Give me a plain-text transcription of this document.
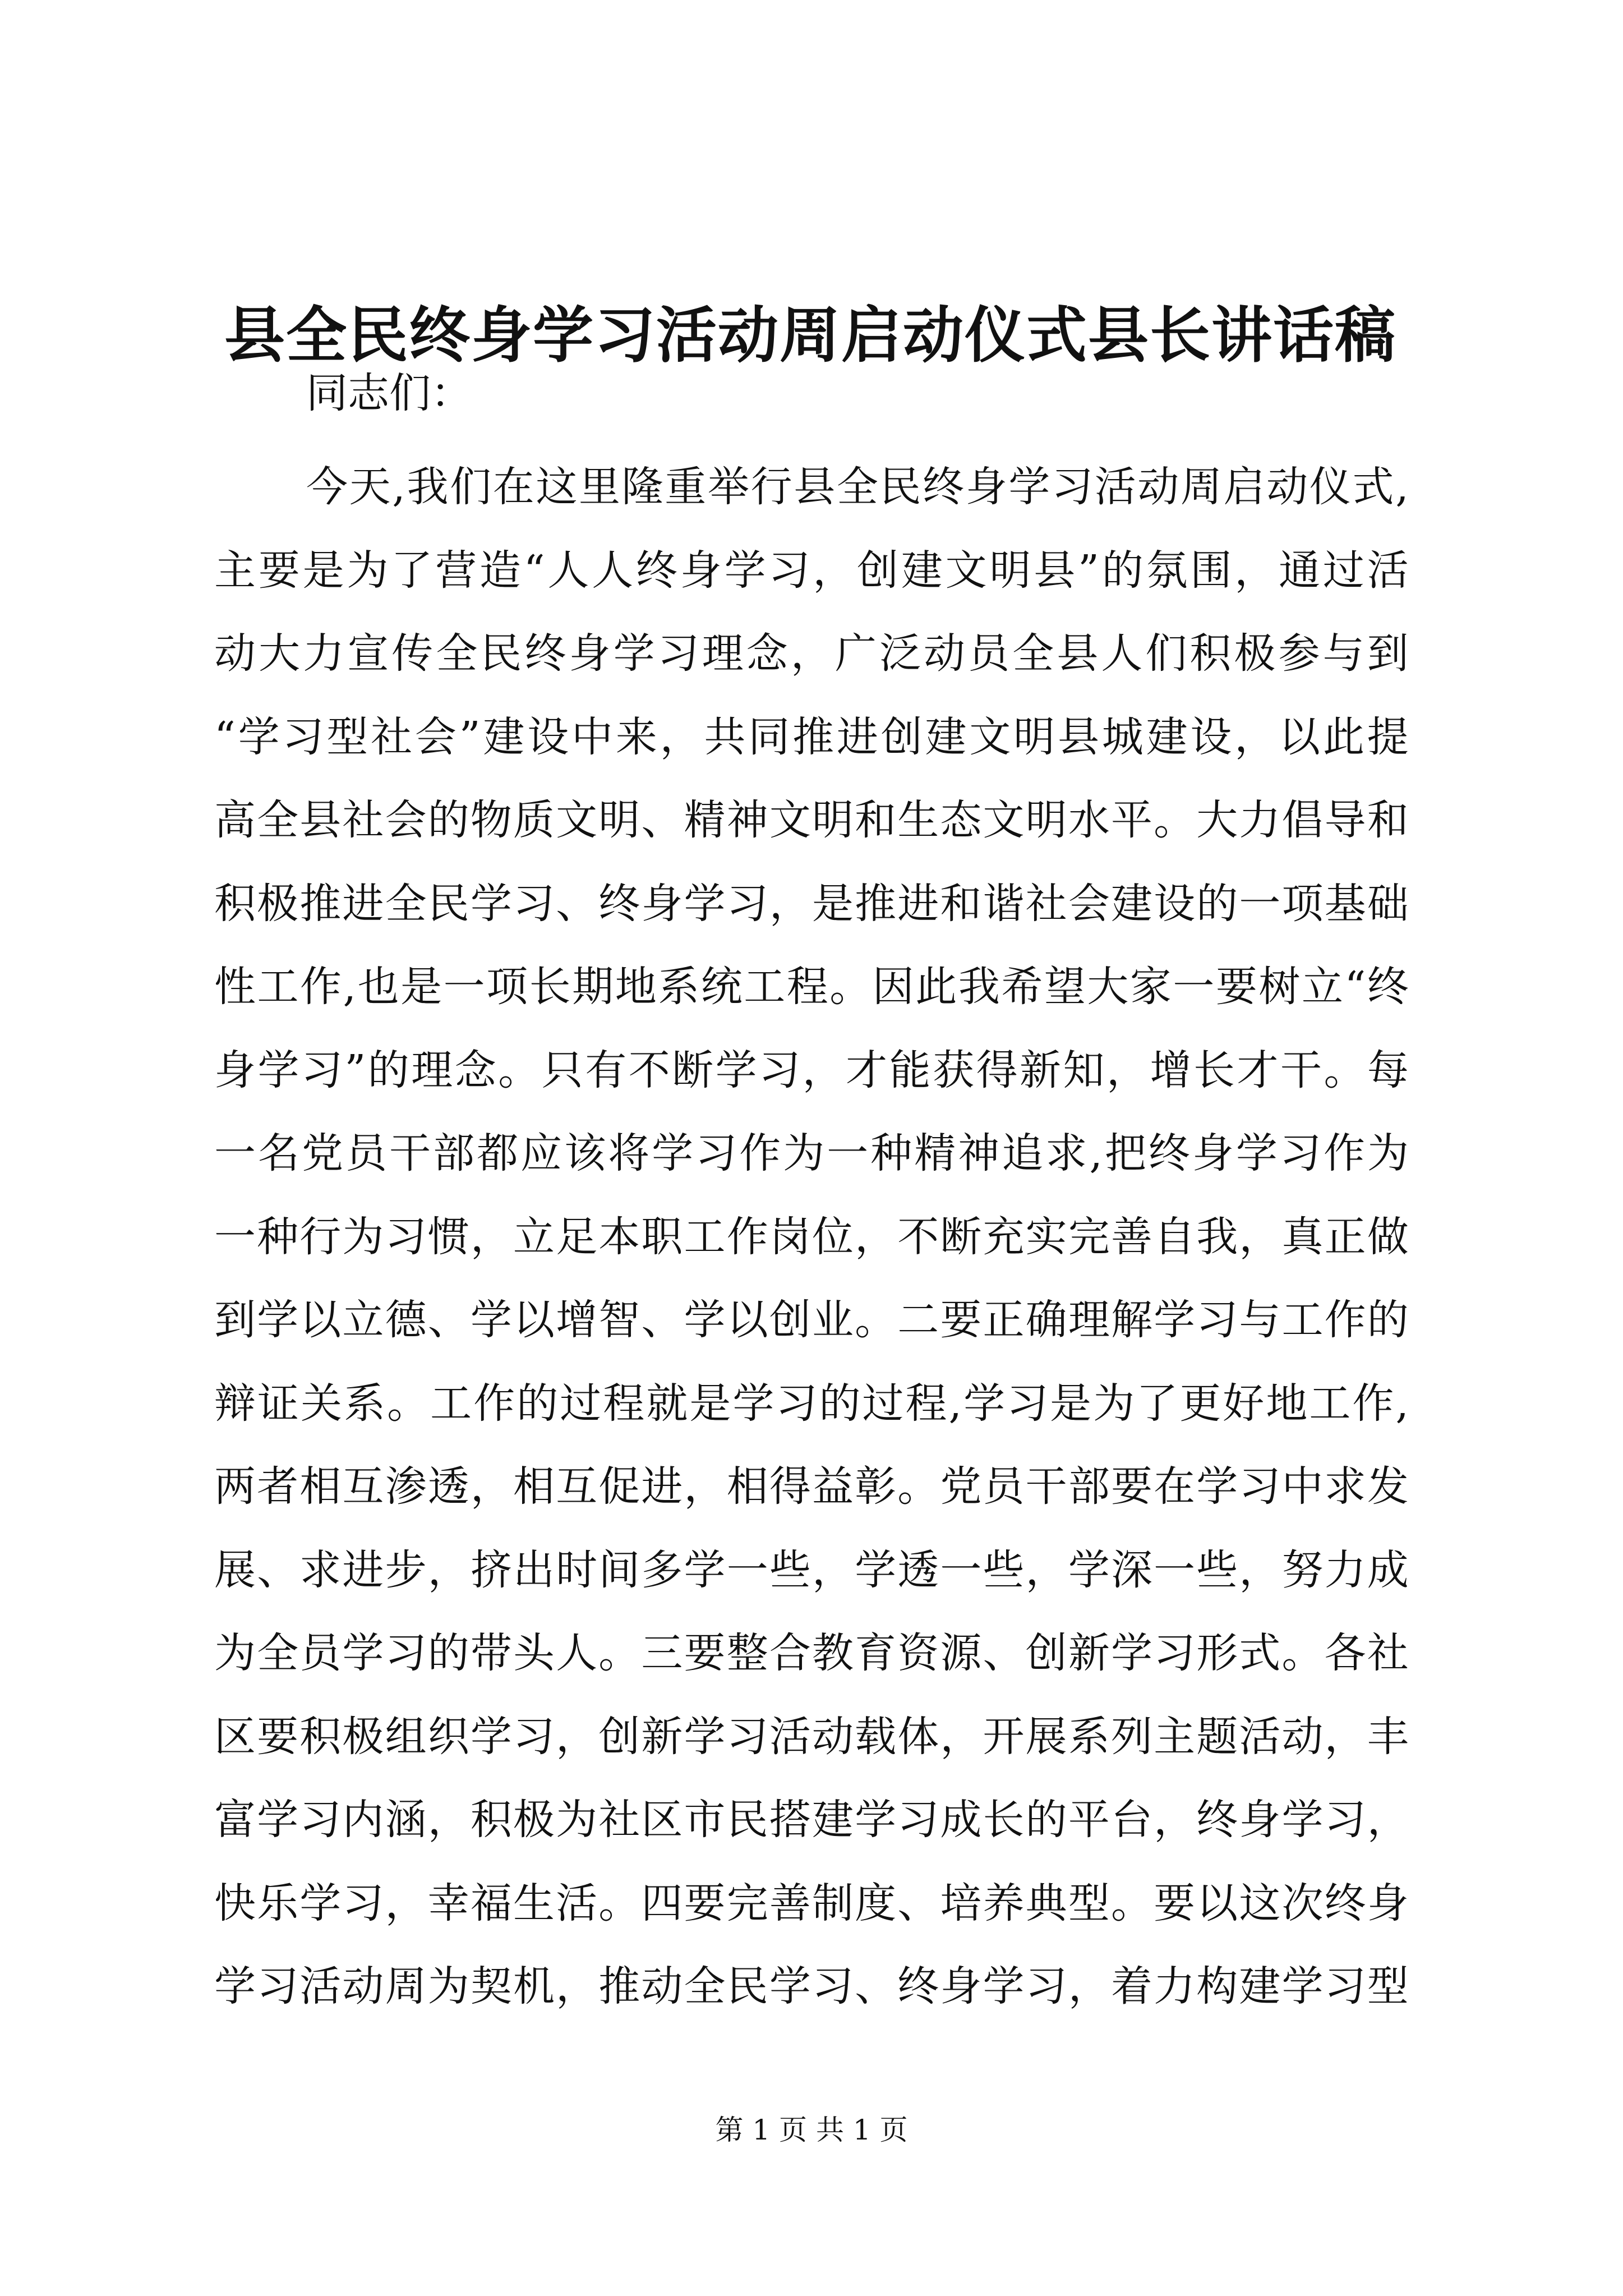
县全民终身学习活动周启动仪式县长讲话稿
同志们：
今 天 , 我 们 在 这 里 隆 重 举 行 县 全 民 终 身 学 习 活 动 周 启 动 仪 式 ,
主 要 是 为 了 营 造 “ 人 人 终 身 学 习 ， 创 建 文 明 县 ” 的 氛 围 ， 通 过 活
动 大 力 宣 传 全 民 终 身 学 习 理 念 ， 广 泛 动 员 全 县 人 们 积 极 参 与 到
“ 学 习 型 社 会 ” 建 设 中 来 ， 共 同 推 进 创 建 文 明 县 城 建 设 ， 以 此 提
高 全 县 社 会 的 物 质 文 明 、 精 神 文 明 和 生 态 文 明 水 平 。 大 力 倡 导 和
积 极 推 进 全 民 学 习 、 终 身 学 习 ， 是 推 进 和 谐 社 会 建 设 的 一 项 基 础
性 工 作 , 也 是 一 项 长 期 地 系 统 工 程 。 因 此 我 希 望 大 家 一 要 树 立 “ 终
身 学 习 ” 的 理 念 。 只 有 不 断 学 习 ， 才 能 获 得 新 知 ， 增 长 才 干 。 每
一 名 党 员 干 部 都 应 该 将 学 习 作 为 一 种 精 神 追 求 , 把 终 身 学 习 作 为
一 种 行 为 习 惯 ， 立 足 本 职 工 作 岗 位 ， 不 断 充 实 完 善 自 我 ， 真 正 做
到 学 以 立 德 、 学 以 增 智 、 学 以 创 业 。 二 要 正 确 理 解 学 习 与 工 作 的
辩 证 关 系 。 工 作 的 过 程 就 是 学 习 的 过 程 , 学 习 是 为 了 更 好 地 工 作 ,
两 者 相 互 渗 透 ， 相 互 促 进 ， 相 得 益 彰 。 党 员 干 部 要 在 学 习 中 求 发
展 、 求 进 步 ， 挤 出 时 间 多 学 一 些 ， 学 透 一 些 ， 学 深 一 些 ， 努 力 成
为 全 员 学 习 的 带 头 人 。 三 要 整 合 教 育 资 源 、 创 新 学 习 形 式 。 各 社
区 要 积 极 组 织 学 习 ， 创 新 学 习 活 动 载 体 ， 开 展 系 列 主 题 活 动 ， 丰
富 学 习 内 涵 ， 积 极 为 社 区 市 民 搭 建 学 习 成 长 的 平 台 ， 终 身 学 习 ，
快 乐 学 习 ， 幸 福 生 活 。 四 要 完 善 制 度 、 培 养 典 型 。 要 以 这 次 终 身
学 习 活 动 周 为 契 机 ， 推 动 全 民 学 习 、 终 身 学 习 ， 着 力 构 建 学 习 型
第 1 页 共 1 页
